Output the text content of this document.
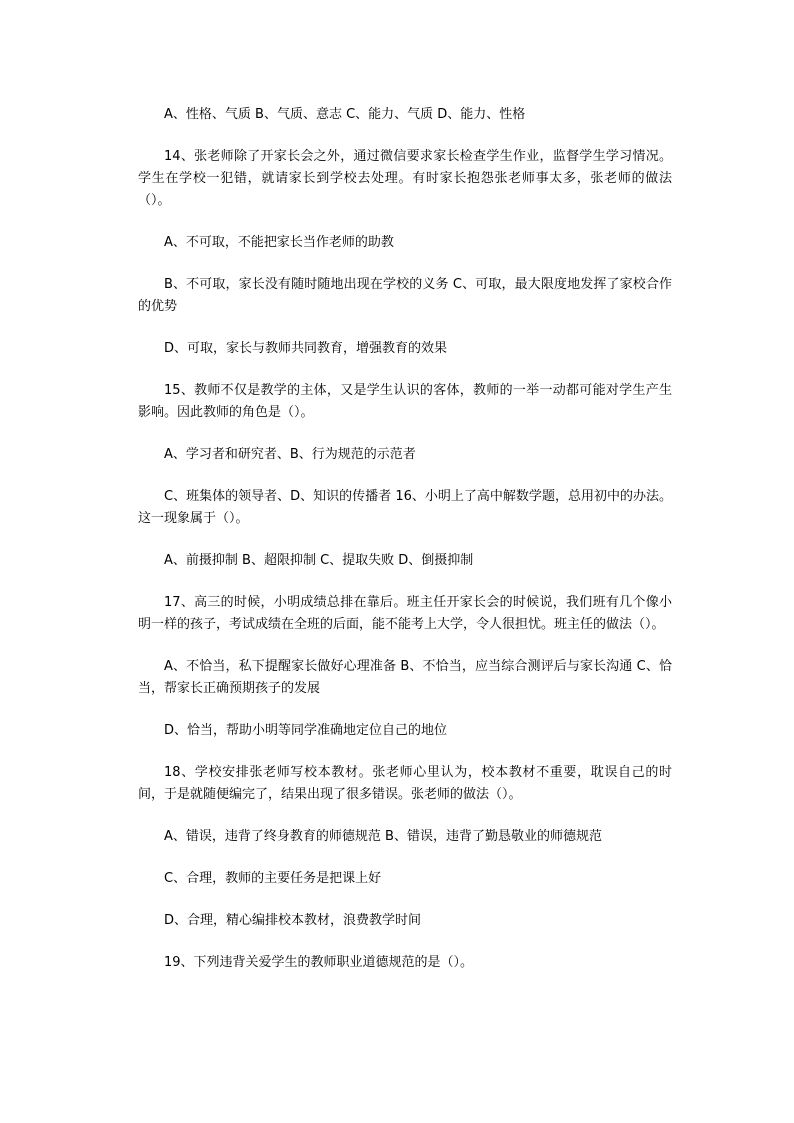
A、性格、气质 B、气质、意志 C、能力、气质 D、能力、性格

14、张老师除了开家长会之外，通过微信要求家长检查学生作业，监督学生学习情况。学生在学校一犯错，就请家长到学校去处理。有时家长抱怨张老师事太多，张老师的做法（）。

A、不可取，不能把家长当作老师的助教

B、不可取，家长没有随时随地出现在学校的义务 C、可取，最大限度地发挥了家校合作的优势

D、可取，家长与教师共同教育，增强教育的效果

15、教师不仅是教学的主体，又是学生认识的客体，教师的一举一动都可能对学生产生影响。因此教师的角色是（）。

A、学习者和研究者、B、行为规范的示范者

C、班集体的领导者、D、知识的传播者 16、小明上了高中解数学题，总用初中的办法。这一现象属于（）。

A、前摄抑制 B、超限抑制 C、提取失败 D、倒摄抑制

17、高三的时候，小明成绩总排在靠后。班主任开家长会的时候说，我们班有几个像小明一样的孩子，考试成绩在全班的后面，能不能考上大学，令人很担忧。班主任的做法（）。

A、不恰当，私下提醒家长做好心理准备 B、不恰当，应当综合测评后与家长沟通 C、恰当，帮家长正确预期孩子的发展

D、恰当，帮助小明等同学准确地定位自己的地位

18、学校安排张老师写校本教材。张老师心里认为，校本教材不重要，耽误自己的时间，于是就随便编完了，结果出现了很多错误。张老师的做法（）。

A、错误，违背了终身教育的师德规范 B、错误，违背了勤恳敬业的师德规范

C、合理，教师的主要任务是把课上好

D、合理，精心编排校本教材，浪费教学时间

19、下列违背关爱学生的教师职业道德规范的是（）。
